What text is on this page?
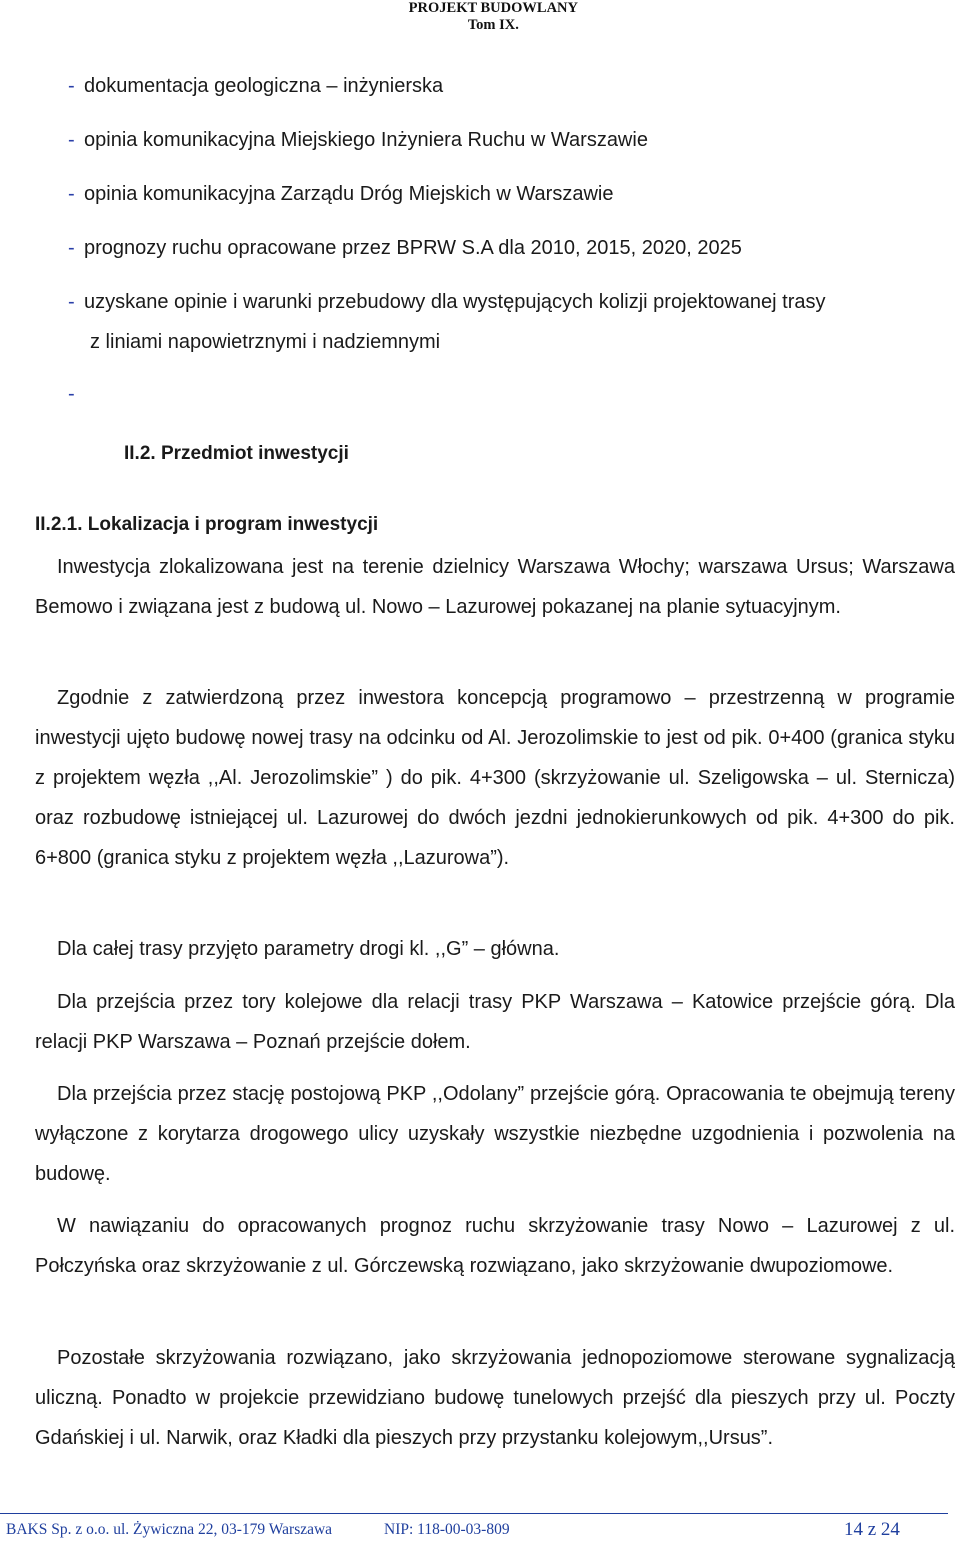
PROJEKT BUDOWLANY
Tom IX.
- dokumentacja geologiczna – inżynierska
- opinia komunikacyjna Miejskiego Inżyniera Ruchu w Warszawie
- opinia komunikacyjna Zarządu Dróg Miejskich w Warszawie
- prognozy ruchu opracowane przez BPRW S.A dla 2010, 2015, 2020, 2025
- uzyskane opinie i warunki przebudowy dla występujących kolizji projektowanej trasy
z liniami napowietrznymi i nadziemnymi
-
II.2. Przedmiot inwestycji
II.2.1. Lokalizacja i program inwestycji

Inwestycja zlokalizowana jest na terenie dzielnicy Warszawa Włochy; warszawa Ursus; Warszawa Bemowo i związana jest z budową ul. Nowo – Lazurowej pokazanej na planie sytuacyjnym.

Zgodnie z zatwierdzoną przez inwestora koncepcją programowo – przestrzenną w programie inwestycji ujęto budowę nowej trasy na odcinku od Al. Jerozolimskie to jest od pik. 0+400 (granica styku z projektem węzła ,,Al. Jerozolimskie” ) do pik. 4+300 (skrzyżowanie ul. Szeligowska – ul. Sternicza) oraz rozbudowę istniejącej ul. Lazurowej do dwóch jezdni jednokierunkowych od pik. 4+300 do pik. 6+800 (granica styku z projektem węzła ,,Lazurowa”).

Dla całej trasy przyjęto parametry drogi kl. ,,G” – główna.

Dla przejścia przez tory kolejowe dla relacji trasy PKP Warszawa – Katowice przejście górą. Dla relacji PKP Warszawa – Poznań przejście dołem.

Dla przejścia przez stację postojową PKP ,,Odolany” przejście górą. Opracowania te obejmują tereny wyłączone z korytarza drogowego ulicy uzyskały wszystkie niezbędne uzgodnienia i pozwolenia na budowę.

W nawiązaniu do opracowanych prognoz ruchu skrzyżowanie trasy Nowo – Lazurowej z ul. Połczyńska oraz skrzyżowanie z ul. Górczewską rozwiązano, jako skrzyżowanie dwupoziomowe.

Pozostałe skrzyżowania rozwiązano, jako skrzyżowania jednopoziomowe sterowane sygnalizacją uliczną. Ponadto w projekcie przewidziano budowę tunelowych przejść dla pieszych przy ul. Poczty Gdańskiej i ul. Narwik, oraz Kładki dla pieszych przy przystanku kolejowym,,Ursus”.

BAKS Sp. z o.o. ul. Żywiczna 22, 03-179 Warszawa	NIP: 118-00-03-809	14 z 24
